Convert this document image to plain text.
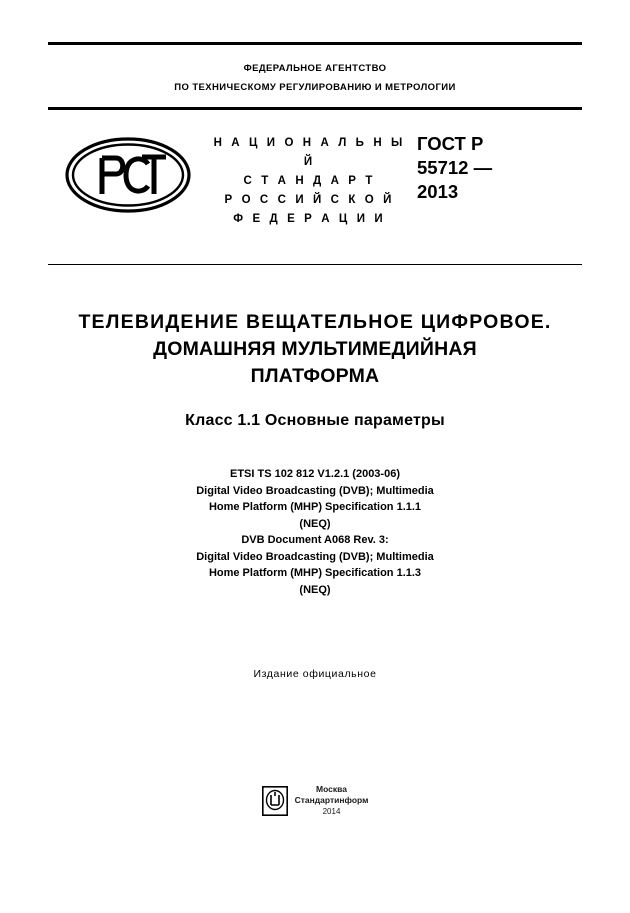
ФЕДЕРАЛЬНОЕ АГЕНТСТВО
ПО ТЕХНИЧЕСКОМУ РЕГУЛИРОВАНИЮ И МЕТРОЛОГИИ
Н А Ц И О Н А Л Ь Н Ы Й
С Т А Н Д А Р Т
Р О С С И Й С К О Й
Ф Е Д Е Р А Ц И И
ГОСТ Р
55712 —
2013
ТЕЛЕВИДЕНИЕ ВЕЩАТЕЛЬНОЕ ЦИФРОВОЕ.
ДОМАШНЯЯ МУЛЬТИМЕДИЙНАЯ
ПЛАТФОРМА
Класс 1.1 Основные параметры
ETSI TS 102 812 V1.2.1 (2003-06)
Digital Video Broadcasting (DVB); Multimedia
Home Platform (MHP) Specification 1.1.1
(NEQ)
DVB Document A068 Rev. 3:
Digital Video Broadcasting (DVB); Multimedia
Home Platform (MHP) Specification 1.1.3
(NEQ)
Издание официальное
Москва
Стандартинформ
2014
